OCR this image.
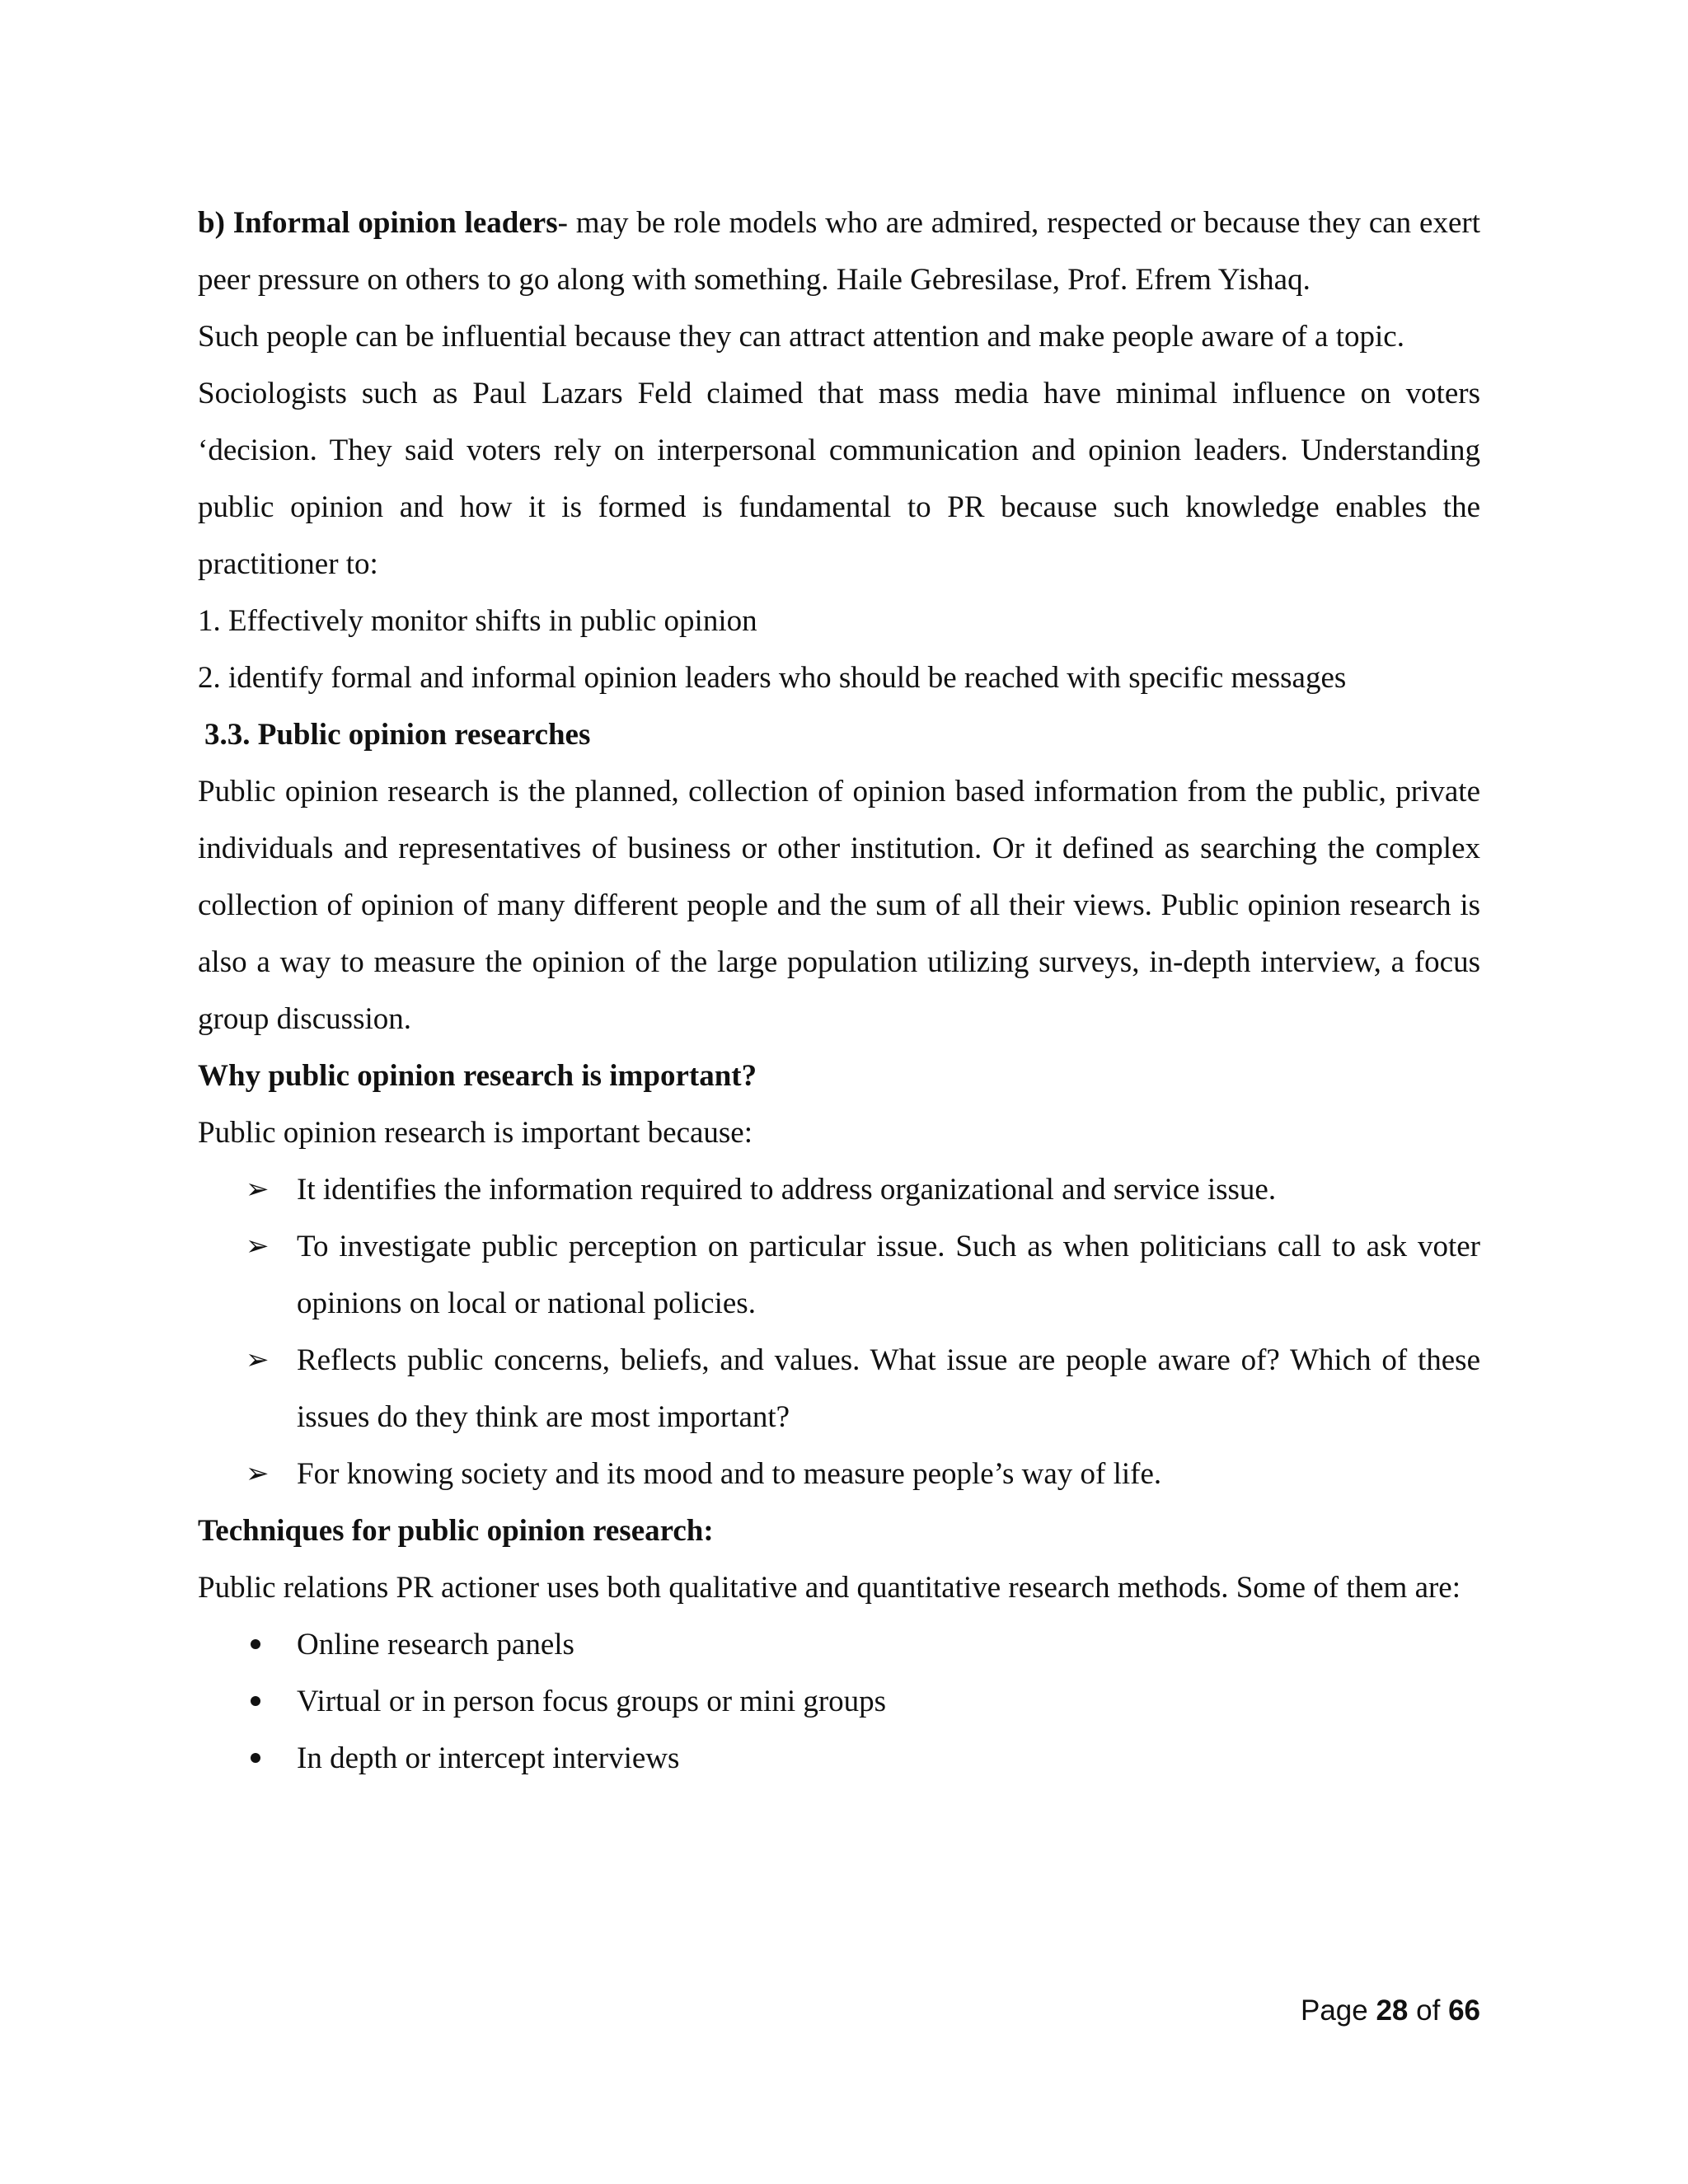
b) Informal opinion leaders- may be role models who are admired, respected or because they can exert peer pressure on others to go along with something. Haile Gebresilase, Prof. Efrem Yishaq.

Such people can be influential because they can attract attention and make people aware of a topic.

Sociologists such as Paul Lazars Feld claimed that mass media have minimal influence on voters ‘decision. They said voters rely on interpersonal communication and opinion leaders. Understanding public opinion and how it is formed is fundamental to PR because such knowledge enables the practitioner to:

1. Effectively monitor shifts in public opinion

2. identify formal and informal opinion leaders who should be reached with specific messages

3.3. Public opinion researches

Public opinion research is the planned, collection of opinion based information from the public, private individuals and representatives of business or other institution. Or it defined as searching the complex collection of opinion of many different people and the sum of all their views. Public opinion research is also a way to measure the opinion of the large population utilizing surveys, in-depth interview, a focus group discussion.

Why public opinion research is important?

Public opinion research is important because:

➢ It identifies the information required to address organizational and service issue.
➢ To investigate public perception on particular issue. Such as when politicians call to ask voter opinions on local or national policies.
➢ Reflects public concerns, beliefs, and values. What issue are people aware of? Which of these issues do they think are most important?
➢ For knowing society and its mood and to measure people’s way of life.

Techniques for public opinion research:

Public relations PR actioner uses both qualitative and quantitative research methods. Some of them are:

Online research panels
Virtual or in person focus groups or mini groups
In depth or intercept interviews
Page 28 of 66
